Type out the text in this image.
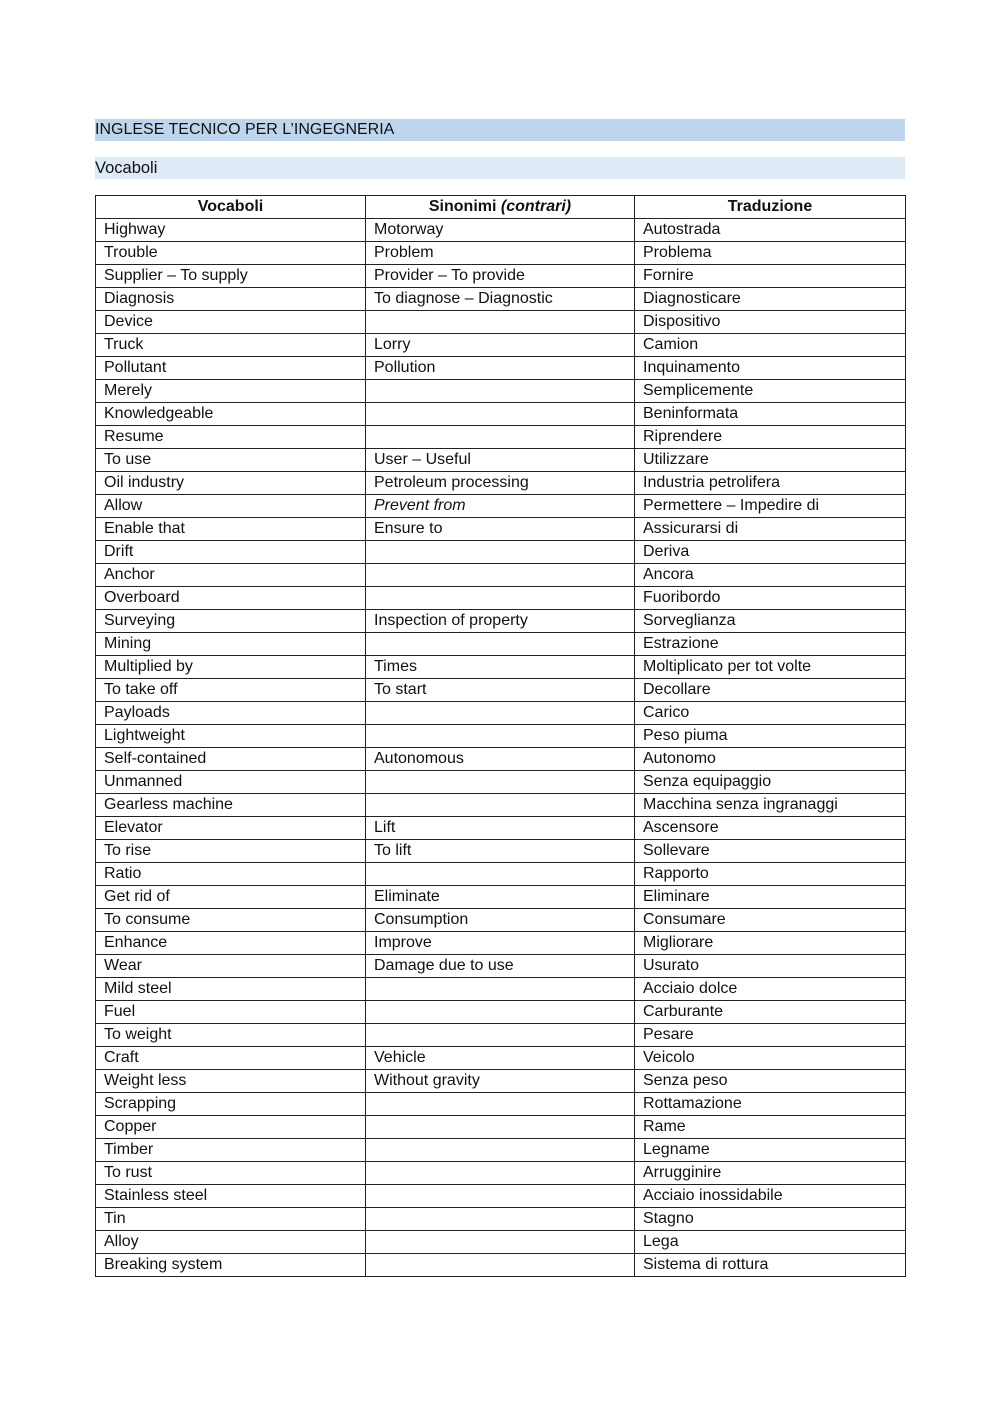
INGLESE TECNICO PER L’INGEGNERIA
Vocaboli
Vocaboli	Sinonimi (contrari)	Traduzione
Highway	Motorway	Autostrada
Trouble	Problem	Problema
Supplier – To supply	Provider – To provide	Fornire
Diagnosis	To diagnose – Diagnostic	Diagnosticare
Device		Dispositivo
Truck	Lorry	Camion
Pollutant	Pollution	Inquinamento
Merely		Semplicemente
Knowledgeable		Beninformata
Resume		Riprendere
To use	User – Useful	Utilizzare
Oil industry	Petroleum processing	Industria petrolifera
Allow	Prevent from	Permettere – Impedire di
Enable that	Ensure to	Assicurarsi di
Drift		Deriva
Anchor		Ancora
Overboard		Fuoribordo
Surveying	Inspection of property	Sorveglianza
Mining		Estrazione
Multiplied by	Times	Moltiplicato per tot volte
To take off	To start	Decollare
Payloads		Carico
Lightweight		Peso piuma
Self-contained	Autonomous	Autonomo
Unmanned		Senza equipaggio
Gearless machine		Macchina senza ingranaggi
Elevator	Lift	Ascensore
To rise	To lift	Sollevare
Ratio		Rapporto
Get rid of	Eliminate	Eliminare
To consume	Consumption	Consumare
Enhance	Improve	Migliorare
Wear	Damage due to use	Usurato
Mild steel		Acciaio dolce
Fuel		Carburante
To weight		Pesare
Craft	Vehicle	Veicolo
Weight less	Without gravity	Senza peso
Scrapping		Rottamazione
Copper		Rame
Timber		Legname
To rust		Arrugginire
Stainless steel		Acciaio inossidabile
Tin		Stagno
Alloy		Lega
Breaking system		Sistema di rottura
